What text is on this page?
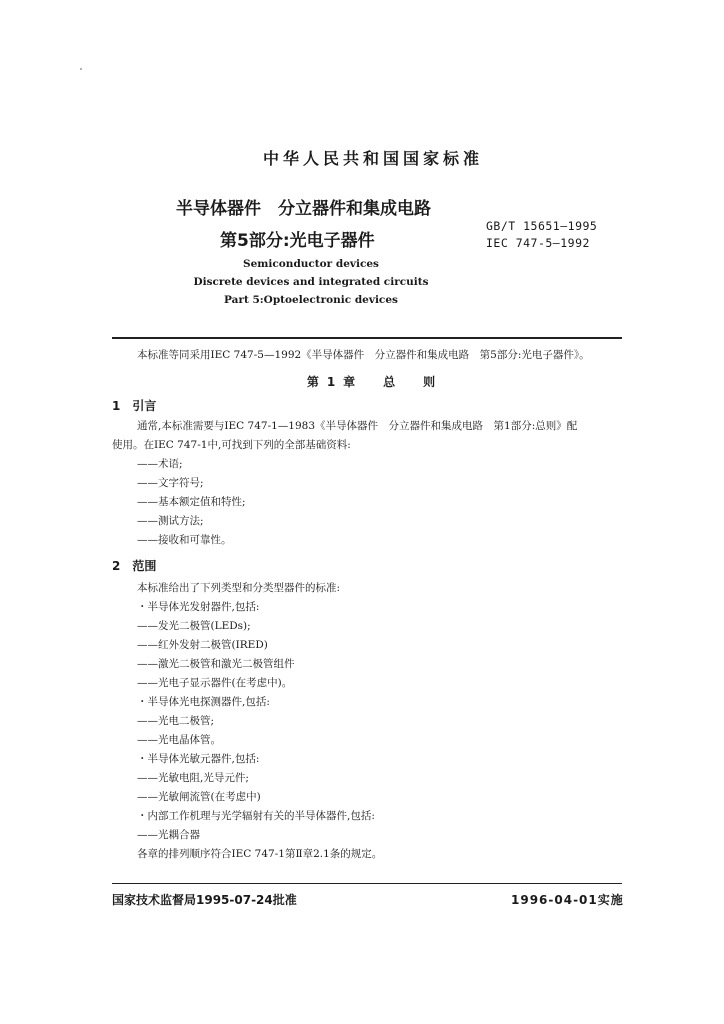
中华人民共和国国家标准
半导体器件　分立器件和集成电路
第5部分:光电子器件
GB/T 15651—1995
IEC 747-5—1992
Semiconductor devices
Discrete devices and integrated circuits
Part 5:Optoelectronic devices
本标准等同采用IEC 747-5—1992《半导体器件　分立器件和集成电路　第5部分:光电子器件》。
第1章　总　则
1　引言
通常,本标准需要与IEC 747-1—1983《半导体器件　分立器件和集成电路　第1部分:总则》配
使用。在IEC 747-1中,可找到下列的全部基础资料:
——术语;
——文字符号;
——基本额定值和特性;
——测试方法;
——接收和可靠性。
2　范围
本标准给出了下列类型和分类型器件的标准:
・半导体光发射器件,包括:
——发光二极管(LEDs);
——红外发射二极管(IRED)
——激光二极管和激光二极管组件
——光电子显示器件(在考虑中)。
・半导体光电探测器件,包括:
——光电二极管;
——光电晶体管。
・半导体光敏元器件,包括:
——光敏电阻,光导元件;
——光敏闸流管(在考虑中)
・内部工作机理与光学辐射有关的半导体器件,包括:
——光耦合器
各章的排列顺序符合IEC 747-1第Ⅱ章2.1条的规定。
国家技术监督局1995-07-24批准	1996-04-01实施
